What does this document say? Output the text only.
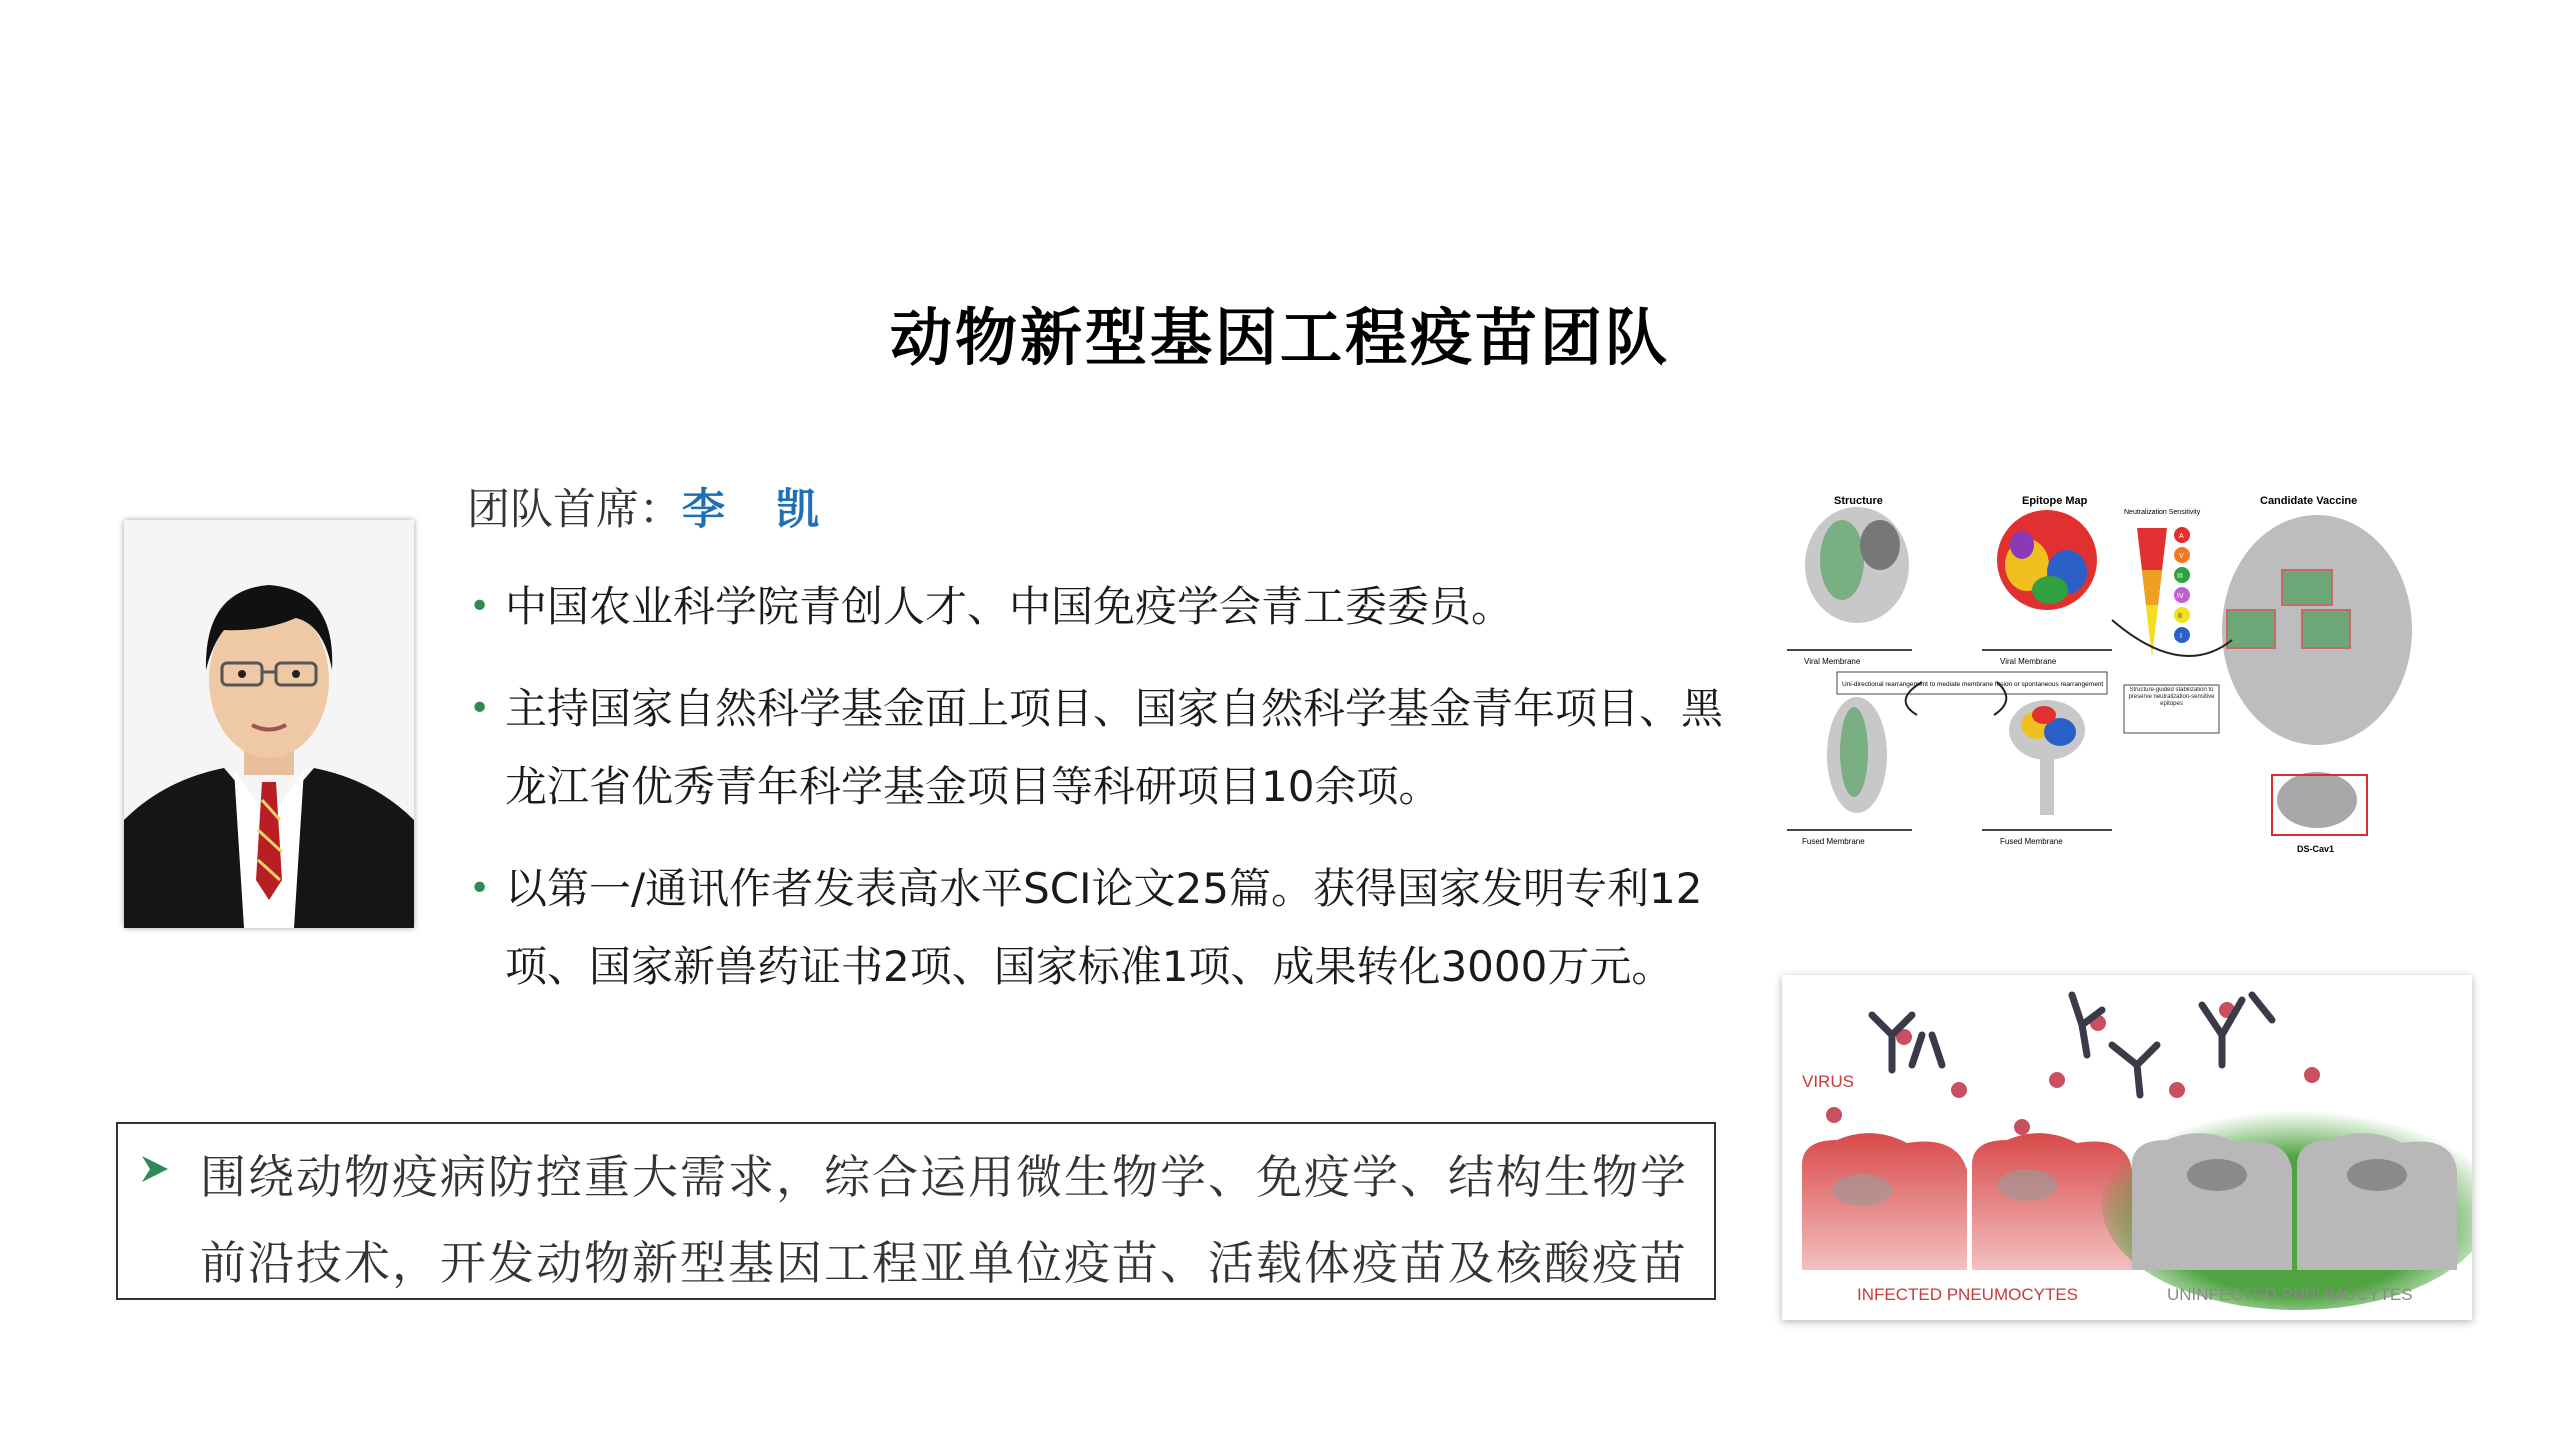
动物新型基因工程疫苗团队
团队首席：李 凯
• 中国农业科学院青创人才、中国免疫学会青工委委员。
• 主持国家自然科学基金面上项目、国家自然科学基金青年项目、黑龙江省优秀青年科学基金项目等科研项目10余项。
• 以第一/通讯作者发表高水平SCI论文25篇。获得国家发明专利12项、国家新兽药证书2项、国家标准1项、成果转化3000万元。
围绕动物疫病防控重大需求，综合运用微生物学、免疫学、结构生物学前沿技术，开发动物新型基因工程亚单位疫苗、活载体疫苗及核酸疫苗
Structure	Epitope Map	Candidate Vaccine
Neutralization Sensitivity
Viral Membrane	Viral Membrane
A
V
III
IV
II
I
DS-Cav1
Uni-directional rearrangement to mediate membrane fusion or spontaneous rearrangement
Structure-guided stabilization to preserve neutralization-sensitive epitopes
Fused Membrane	Fused Membrane
VIRUS
INFECTED PNEUMOCYTES	UNINFECTED PNEUMOCYTES
